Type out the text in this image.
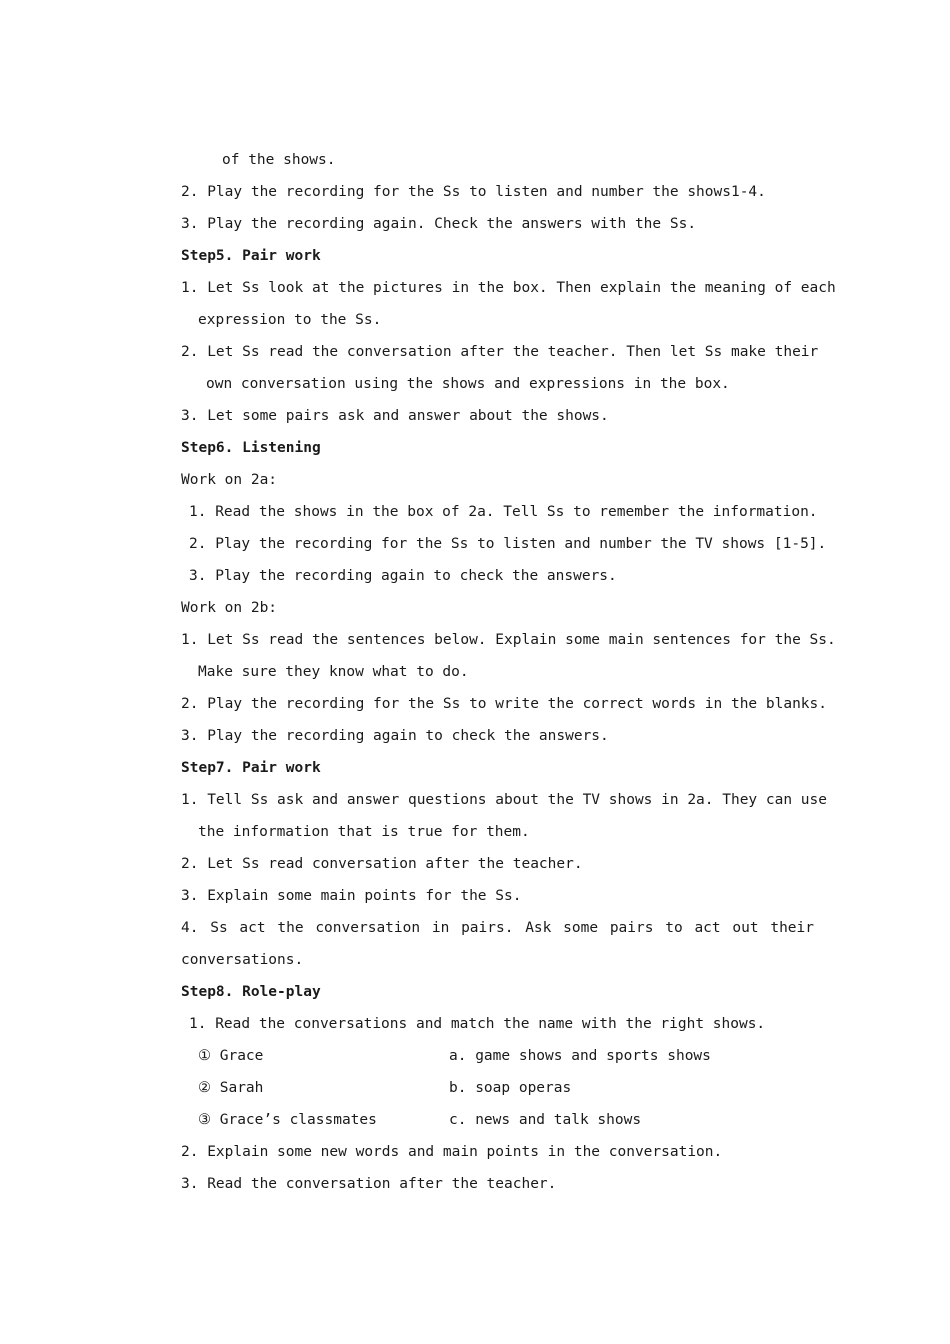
of the shows.
2. Play the recording for the Ss to listen and number the shows1-4.
3. Play the recording again. Check the answers with the Ss.
Step5. Pair work
1. Let Ss look at the pictures in the box. Then explain the meaning of each
expression to the Ss.
2. Let Ss read the conversation after the teacher. Then let Ss make their
own conversation using the shows and expressions in the box.
3. Let some pairs ask and answer about the shows.
Step6. Listening
Work on 2a:
1. Read the shows in the box of 2a. Tell Ss to remember the information.
2. Play the recording for the Ss to listen and number the TV shows [1-5].
3. Play the recording again to check the answers.
Work on 2b:
1. Let Ss read the sentences below. Explain some main sentences for the Ss.
Make sure they know what to do.
2. Play the recording for the Ss to write the correct words in the blanks.
3. Play the recording again to check the answers.
Step7. Pair work
1. Tell Ss ask and answer questions about the TV shows in 2a. They can use
the information that is true for them.
2. Let Ss read conversation after the teacher.
3. Explain some main points for the Ss.
4. Ss act the conversation in pairs. Ask some pairs to act out their
conversations.
Step8. Role-play
1. Read the conversations and match the name with the right shows.
① Grace	a. game shows and sports shows
② Sarah	b. soap operas
③ Grace’s classmates	c. news and talk shows
2. Explain some new words and main points in the conversation.
3. Read the conversation after the teacher.
